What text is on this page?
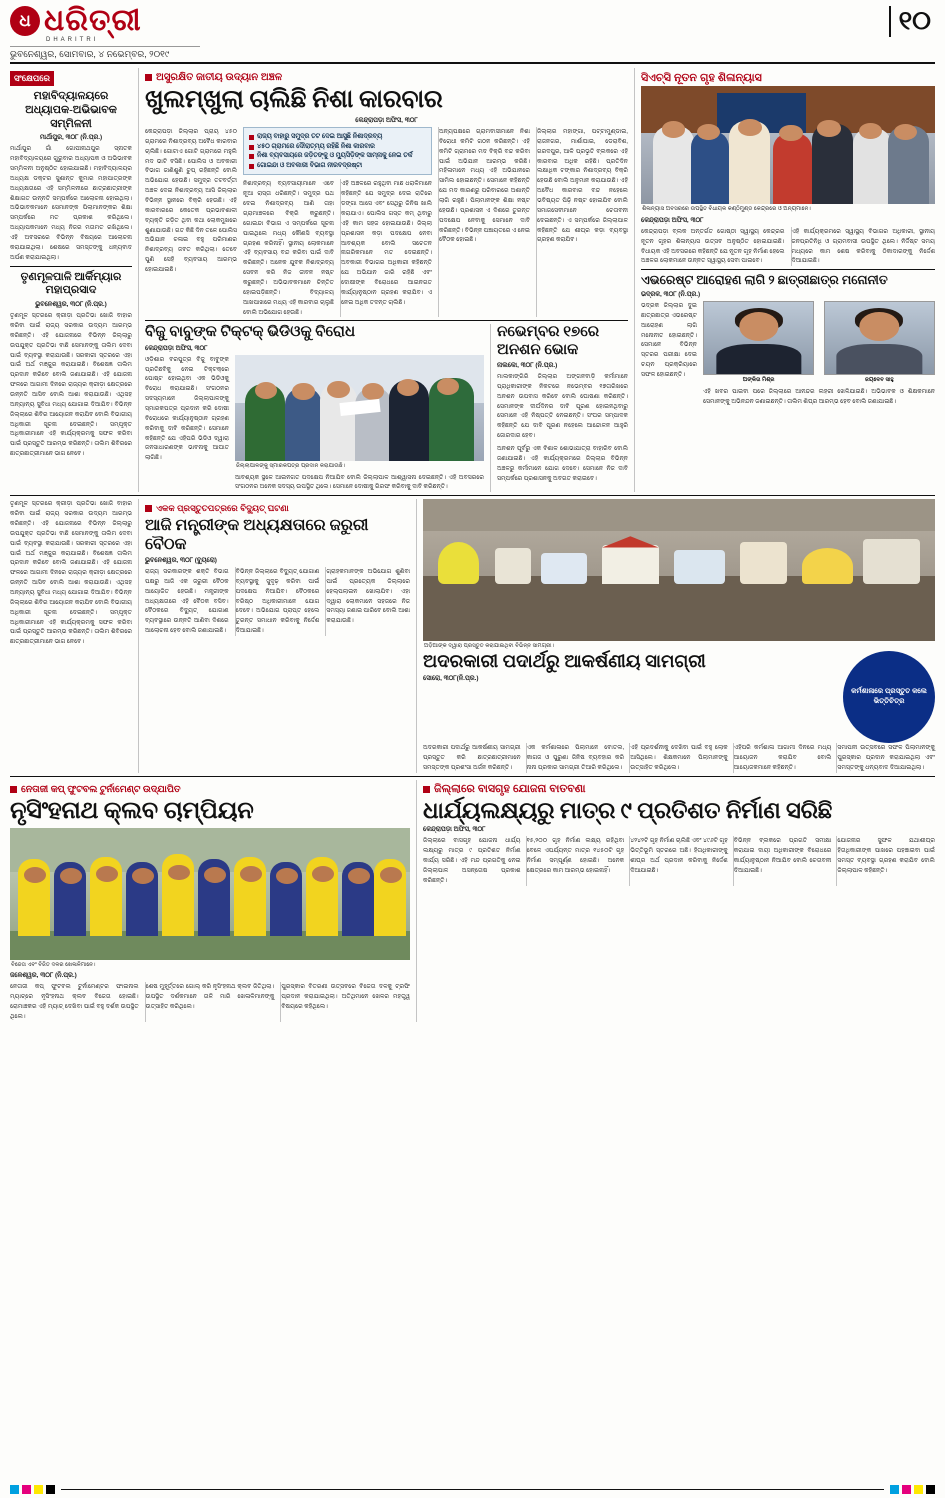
ଧ ଧରିତ୍ରୀ
DHARITRI
ଭୁବନେଶ୍ୱର, ସୋମବାର, ୪ ନଭେମ୍ବର, ୨୦୧୯
୧୦
ସଂକ୍ଷେପରେ
ମହାବିଦ୍ୟାଳୟରେ ଅଧ୍ୟାପକ-ଅଭିଭାବକ ସମ୍ମିଳନୀ
ମାର୍ଥାପୁର, ୩୦୮ (ନି.ପ୍ର.)
ମାର୍ଥାପୁର ଗାଁ ଗୋପୀନାଥପୁର ସ୍ନାତକ ମହାବିଦ୍ୟାଳୟରେ ଗୁରୁବାର ଅଧ୍ୟାପକ ଓ ଅଭିଭାବକ ସମ୍ମିଳନୀ ଅନୁଷ୍ଠିତ ହୋଇଯାଇଛି। ମହାବିଦ୍ୟାଳୟର ଅଧ୍ୟକ୍ଷ ଡକ୍ଟର ସୁଶାନ୍ତ କୁମାର ମହାପାତ୍ରଙ୍କ ଅଧ୍ୟକ୍ଷତାରେ ଏହି ସମ୍ମିଳନୀରେ ଛାତ୍ରଛାତ୍ରୀଙ୍କ ଶିକ୍ଷାଗତ ଉନ୍ନତି ସମ୍ପର୍କରେ ଆଲୋଚନା ହୋଇଥିଲା। ଅଭିଭାବକମାନେ ସେମାନଙ୍କ ପିଲାମାନଙ୍କର ଶିକ୍ଷା ସମ୍ପର୍କରେ ମତ ପ୍ରକାଶ କରିଥିଲେ। ଅଧ୍ୟାପକମାନେ ମଧ୍ୟ ନିଜର ମତାମତ ରଖିଥିଲେ। ଏହି ଅବସରରେ ବିଭିନ୍ନ ବିଷୟରେ ଆଲୋଚନା କରାଯାଇଥିଲା। ଶେଷରେ ସମସ୍ତଙ୍କୁ ଧନ୍ୟବାଦ ଅର୍ପଣ କରାଯାଇଥିଲା।
ତୃଣମୂଳପାଳି ଆର୍କିମ୍ୟାର ମହାପ୍ରସାଦ
ଭୁବନେଶ୍ୱର, ୩୦୮ (ନି.ପ୍ର.)
ତୃଣମୂଳ ସ୍ତରରେ କ୍ରୀଡ଼ା ପ୍ରତିଭା ଖୋଜି ବାହାର କରିବା ପାଇଁ ରାଜ୍ୟ ସରକାର ଉଦ୍ୟମ ଆରମ୍ଭ କରିଛନ୍ତି। ଏହି ଯୋଜନାରେ ବିଭିନ୍ନ ଜିଲ୍ଲାରୁ ଉପଯୁକ୍ତ ପ୍ରତିଭା ବାଛି ସେମାନଙ୍କୁ ତାଲିମ ଦେବା ପାଇଁ ବ୍ୟବସ୍ଥା କରାଯାଉଛି। ସରକାରୀ ସ୍ତରରେ ଏହା ପାଇଁ ଅର୍ଥ ମଞ୍ଜୁର କରାଯାଇଛି। ବିଶେଷଜ୍ଞ ତାଲିମ ପ୍ରଦାନ କରିବେ ବୋଲି ଜଣାଯାଇଛି। ଏହି ଯୋଜନା ଫଳରେ ଆଗାମୀ ଦିନରେ ରାଜ୍ୟର କ୍ରୀଡ଼ା କ୍ଷେତ୍ରରେ ଉନ୍ନତି ଆସିବ ବୋଲି ଆଶା କରାଯାଉଛି। ଏଥିସହ ଅନ୍ୟାନ୍ୟ ସୁବିଧା ମଧ୍ୟ ଯୋଗାଇ ଦିଆଯିବ। ବିଭିନ୍ନ ଜିଲ୍ଲାରେ ଶିବିର ଆୟୋଜନ କରାଯିବ ବୋଲି ବିଭାଗୀୟ ଅଧିକାରୀ ସୂଚନା ଦେଇଛନ୍ତି। ସମ୍ପୃକ୍ତ ଅଧିକାରୀମାନେ ଏହି କାର୍ଯ୍ୟକ୍ରମକୁ ସଫଳ କରିବା ପାଇଁ ପ୍ରସ୍ତୁତି ଆରମ୍ଭ କରିଛନ୍ତି। ତାଲିମ ଶିବିରରେ ଛାତ୍ରଛାତ୍ରୀମାନେ ଭାଗ ନେବେ।
ଅସୁରକ୍ଷିତ ଜାତୀୟ ଉଦ୍ୟାନ ଅଞ୍ଚଳ
ଖୁଲମ୍‌ଖୁଲା ଚାଲିଛି ନିଶା କାରବାର
କେନ୍ଦ୍ରାପଡ଼ା ଅଫିସ, ୩୦୮
କେନ୍ଦ୍ରାପଡ଼ା ଜିଲ୍ଲାର ପ୍ରାୟ ୪୫୦ ଗ୍ରାମରେ ନିଶାଦ୍ରବ୍ୟ ଅବୈଧ କାରବାର ଚାଲିଛି। ଗୋଟାଏ ଗୋଟି ଗ୍ରାମରେ ମହୁଲି ମଦ ଭାଟି ବସିଛି। ପୋଲିସ ଓ ଅବକାରୀ ବିଭାଗ ଜାଣିଶୁଣି ଚୁପ୍‌ ରହିଛନ୍ତି ବୋଲି ଅଭିଯୋଗ ହେଉଛି। ସମୁଦ୍ର ତଟବର୍ତ୍ତୀ ଅଞ୍ଚଳ ଦେଇ ନିଶାଦ୍ରବ୍ୟ ଆସି ଜିଲ୍ଲାର ବିଭିନ୍ନ ସ୍ଥାନରେ ବିକ୍ରି ହେଉଛି। ଏହି କାରବାରରେ କେତେକ ପ୍ରଭାବଶାଳୀ ବ୍ୟକ୍ତି ଜଡ଼ିତ ଥିବା କଥା ଲୋକମୁଖରେ ଶୁଣାଯାଉଛି। ଗତ କିଛି ଦିନ ତଳେ ପୋଲିସ ଅଭିଯାନ ଚଳାଇ ବହୁ ପରିମାଣର ନିଶାଦ୍ରବ୍ୟ ଜବତ କରିଥିଲା। ତେବେ ପୁଣି ସେହି ବ୍ୟବସାୟ ଆରମ୍ଭ ହୋଇଯାଇଛି।
ରାଜ୍ୟ ବାହାରୁ ସମୁଦ୍ର ତଟ ଦେଇ ଆସୁଛି ନିଶାଦ୍ରବ୍ୟ
୪୫୦ ଗ୍ରାମରେ ଦୌରାତ୍ମ୍ୟ ରହିଛି ନିଶା କାରବାର
ନିଶା ବ୍ୟବସାୟରେ ଜଡ଼ିତଙ୍କୁ ଓ ମ୍ୟୁସିଡ଼ିଙ୍କ ସାମ୍ନାକୁ ନେଇ ତର୍କ
ଗୋଇନ୍ଦା ଓ ଅବକାରୀ ବିଭାଗ ନୀରବଦ୍ରଷ୍ଟା
ନିଶାଦ୍ରବ୍ୟ ବ୍ୟବସାୟୀମାନେ ଏବେ ନୂଆ ରାସ୍ତା ଧରିଛନ୍ତି। ସମୁଦ୍ର ପଥ ଦେଇ ନିଶାଦ୍ରବ୍ୟ ଆଣି ତାହା ଗ୍ରାମାଞ୍ଚଳରେ ବିକ୍ରି କରୁଛନ୍ତି। ଗୋଇନ୍ଦା ବିଭାଗ ଏ ସମ୍ପର୍କରେ ସୂଚନା ପାଇଥିଲେ ମଧ୍ୟ କୌଣସି ବ୍ୟବସ୍ଥା ଗ୍ରହଣ କରିନାହିଁ। ସ୍ଥାନୀୟ ଲୋକମାନେ ଏହି ବ୍ୟବସାୟ ବନ୍ଦ କରିବା ପାଇଁ ଦାବି କରିଛନ୍ତି। ଅନେକ ଯୁବକ ନିଶାଦ୍ରବ୍ୟ ସେବନ କରି ନିଜ ଜୀବନ ନଷ୍ଟ କରୁଛନ୍ତି। ଅଭିଭାବକମାନେ ଚିନ୍ତିତ ହୋଇପଡ଼ିଛନ୍ତି। ବିଦ୍ୟାଳୟ ଆଖପାଖରେ ମଧ୍ୟ ଏହି କାରବାର ଚାଲୁଛି ବୋଲି ଅଭିଯୋଗ ହେଉଛି।
ଏହି ଅଞ୍ଚଳରେ ରହୁଥିବା ମାଛ ଧରାଳିମାନେ କହିଛନ୍ତି ଯେ ସମୁଦ୍ର ଦେଇ ରାତିରେ ଡଙ୍ଗା ଆସେ ଏବଂ ସେଥିରୁ ଜିନିଷ ଖାଲି କରାଯାଏ। ପୋଲିସ ଗସ୍ତ କମ୍ ଥିବାରୁ ଏହି କାମ ସହଜ ହୋଇଯାଉଛି। ଜିଲ୍ଲା ପ୍ରଶାସନ କଡ଼ା ପଦକ୍ଷେପ ନେବା ଆବଶ୍ୟକ ବୋଲି ସଚେତନ ନାଗରିକମାନେ ମତ ଦେଇଛନ୍ତି। ଅବକାରୀ ବିଭାଗର ଅଧିକାରୀ କହିଛନ୍ତି ଯେ ଅଭିଯାନ ଜାରି ରହିଛି ଏବଂ ଦୋଷୀଙ୍କ ବିରୋଧରେ ଆଇନଗତ କାର୍ଯ୍ୟାନୁଷ୍ଠାନ ଗ୍ରହଣ କରାଯିବ। ଏ ନେଇ ଅଧିକ ତଦନ୍ତ ଚାଲିଛି।
ଅନ୍ୟପକ୍ଷରେ ଗ୍ରାମବାସୀମାନେ ନିଶା ବିରୋଧୀ କମିଟି ଗଠନ କରିଛନ୍ତି। ଏହି କମିଟି ଗ୍ରାମରେ ମଦ ବିକ୍ରି ବନ୍ଦ କରିବା ପାଇଁ ଅଭିଯାନ ଆରମ୍ଭ କରିଛି। ମହିଳାମାନେ ମଧ୍ୟ ଏହି ଅଭିଯାନରେ ସାମିଲ ହୋଇଛନ୍ତି। ସେମାନେ କହିଛନ୍ତି ଯେ ମଦ କାରଣରୁ ପରିବାରରେ ଅଶାନ୍ତି ଲାଗି ରହୁଛି। ପିଲାମାନଙ୍କ ଶିକ୍ଷା ନଷ୍ଟ ହେଉଛି। ପ୍ରଶାସନ ଏ ଦିଶରେ ତୁରନ୍ତ ପଦକ୍ଷେପ ନେବାକୁ ସେମାନେ ଦାବି କରିଛନ୍ତି। ବିଭିନ୍ନ ପଞ୍ଚାୟତରେ ଏ ନେଇ ବୈଠକ ହୋଇଛି।
ଜିଲ୍ଲାର ମହାଙ୍ଗା, ପଟ୍ଟାମୁଣ୍ଡାଇ, ରାଜନଗର, ମାର୍ଶାଘାଇ, ଡେରାବିଶ, ଗରଦପୁର, ଆଳି ପ୍ରଭୃତି ବ୍ଲକରେ ଏହି କାରବାର ଅଧିକ ରହିଛି। ପ୍ରତିଦିନ ଲକ୍ଷାଧିକ ଟଙ୍କାର ନିଶାଦ୍ରବ୍ୟ ବିକ୍ରି ହେଉଛି ବୋଲି ଅନୁମାନ କରାଯାଉଛି। ଏହି ଅବୈଧ କାରବାର ବନ୍ଦ ନହେଲେ ଭବିଷ୍ୟତ ପିଢ଼ି ନଷ୍ଟ ହୋଇଯିବ ବୋଲି ସମାଜସେବୀମାନେ ଚେତାବନୀ ଦେଇଛନ୍ତି। ଏ ସମ୍ପର୍କରେ ଜିଲ୍ଲାପାଳ କହିଛନ୍ତି ଯେ ଶୀଘ୍ର କଡ଼ା ବ୍ୟବସ୍ଥା ଗ୍ରହଣ କରାଯିବ।
ବିଜୁ ବାବୁଙ୍କ ଟିକ୍‌ଟକ୍‌ ଭିଡିଓକୁ ବିରୋଧ
କେନ୍ଦ୍ରାପଡ଼ା ଅଫିସ, ୩୦୮
ଓଡ଼ିଶାର ବରପୁତ୍ର ବିଜୁ ବାବୁଙ୍କ ପ୍ରତିଛବିକୁ ନେଇ ଟିକ୍‌ଟକ୍‌ରେ ପୋଷ୍ଟ ହୋଇଥିବା ଏକ ଭିଡିଓକୁ ବିରୋଧ କରାଯାଇଛି। ସଂଗଠନର ସଦସ୍ୟମାନେ ଜିଲ୍ଲାପାଳଙ୍କୁ ସ୍ମାରକପତ୍ର ପ୍ରଦାନ କରି ଦୋଷୀ ବିରୋଧରେ କାର୍ଯ୍ୟାନୁଷ୍ଠାନ ଗ୍ରହଣ କରିବାକୁ ଦାବି କରିଛନ୍ତି। ସେମାନେ କହିଛନ୍ତି ଯେ ଏହିପରି ଭିଡିଓ ଦ୍ୱାରା ଜନସାଧାରଣଙ୍କ ଭାବନାକୁ ଆଘାତ ଲାଗିଛି।
ଜିଲ୍ଲାପାଳଙ୍କୁ ସ୍ମାରକପତ୍ର ପ୍ରଦାନ କରାଯାଉଛି।
ଆବଶ୍ୟକ ସ୍ଥଳେ ଆଇନଗତ ପଦକ୍ଷେପ ନିଆଯିବ ବୋଲି ଜିଲ୍ଲାପାଳ ଆଶ୍ୱାସନା ଦେଇଛନ୍ତି। ଏହି ଅବସରରେ ସଂଗଠନର ଅନେକ ସଦସ୍ୟ ଉପସ୍ଥିତ ଥିଲେ। ସେମାନେ ଦୋଷୀକୁ ଗିରଫ କରିବାକୁ ଦାବି କରିଛନ୍ତି।
ନଭେମ୍ବର ୧୭ରେ
ଅନଶନ ଭୋକ
ନାଲକୋ, ୩୦୮ (ନି.ପ୍ର.)
ମାଲକାଙ୍ଗିରି ଜିଲ୍ଲାର ଅଙ୍ଗନବାଡ଼ି କର୍ମୀମାନେ ପ୍ରାଧିକାରୀଙ୍କ ନିକଟରେ ନଭେମ୍ବର ୧୭ତାରିଖରେ ଅନଶନ ଉପବାସ କରିବେ ବୋଲି ଘୋଷଣା କରିଛନ୍ତି। ସେମାନଙ୍କ ଦୀର୍ଘଦିନର ଦାବି ପୂରଣ ହୋଇନଥିବାରୁ ସେମାନେ ଏହି ନିଷ୍ପତ୍ତି ନେଇଛନ୍ତି। ସଂଘର ସମ୍ପାଦକ କହିଛନ୍ତି ଯେ ଦାବି ପୂରଣ ନହେଲେ ଆନ୍ଦୋଳନ ଆହୁରି ଜୋରଦାର ହେବ।
ଅନଶନ ପୂର୍ବରୁ ଏକ ବିଶାଳ ଶୋଭାଯାତ୍ରା ବାହାରିବ ବୋଲି ଜଣାଯାଇଛି। ଏହି କାର୍ଯ୍ୟକ୍ରମରେ ଜିଲ୍ଲାର ବିଭିନ୍ନ ଅଞ୍ଚଳରୁ କର୍ମୀମାନେ ଯୋଗ ଦେବେ। ସେମାନେ ନିଜ ଦାବି ସମ୍ପର୍କରେ ପ୍ରଶାସନକୁ ଅବଗତ କରାଇବେ।
ସିଏଚ୍‌ସି ନୂତନ ଗୃହ ଶିଳାନ୍ୟାସ
ଶିଳାନ୍ୟାସ ଅବସରରେ ଉପସ୍ଥିତ ବିଧାୟକ କଣ୍ଠିମୁଣ୍ଡ କେନ୍ଦ୍ରରେ ଓ ଅନ୍ୟମାନେ।
କେନ୍ଦ୍ରାପଡ଼ା ଅଫିସ, ୩୦୮
କେନ୍ଦ୍ରାପଡ଼ା ବ୍ଲକ ଅନ୍ତର୍ଗତ ଗୋଷ୍ଠୀ ସ୍ୱାସ୍ଥ୍ୟ କେନ୍ଦ୍ରର ନୂତନ ଗୃହର ଶିଳାନ୍ୟାସ ଉତ୍ସବ ଅନୁଷ୍ଠିତ ହୋଇଯାଇଛି। ବିଧାୟକ ଏହି ଅବସରରେ କହିଛନ୍ତି ଯେ ନୂତନ ଗୃହ ନିର୍ମାଣ ହେଲେ ଅଞ୍ଚଳର ଲୋକମାନେ ଉନ୍ନତ ସ୍ୱାସ୍ଥ୍ୟ ସେବା ପାଇବେ।
ଏହି କାର୍ଯ୍ୟକ୍ରମରେ ସ୍ୱାସ୍ଥ୍ୟ ବିଭାଗର ଅଧିକାରୀ, ସ୍ଥାନୀୟ ଜନପ୍ରତିନିଧି ଓ ଗ୍ରାମବାସୀ ଉପସ୍ଥିତ ଥିଲେ। ନିର୍ଦ୍ଦିଷ୍ଟ ସମୟ ମଧ୍ୟରେ କାମ ଶେଷ କରିବାକୁ ଠିକାଦାରଙ୍କୁ ନିର୍ଦ୍ଦେଶ ଦିଆଯାଇଛି।
ଏଭରେଷ୍ଟ ଆରୋହଣ ଲାଗି ୨ ଛାତ୍ରୀଛାତ୍ର ମନୋନୀତ
ଭଦ୍ରକ, ୩୦୮ (ନି.ପ୍ର.)
ଭଦ୍ରକ ଜିଲ୍ଲାର ଦୁଇ ଛାତ୍ରଛାତ୍ର ଏଭରେଷ୍ଟ ଆରୋହଣ ଲାଗି ମନୋନୀତ ହୋଇଛନ୍ତି। ସେମାନେ ବିଭିନ୍ନ ସ୍ତରର ପରୀକ୍ଷା ଦେଇ ଚୟନ ପ୍ରକ୍ରିୟାରେ ସଫଳ ହୋଇଛନ୍ତି।
ଅଙ୍କିତା ମିଶ୍ର	ଜୟଦେବ ସାହୁ
ଏହି ଖବର ପାଇବା ପରେ ଜିଲ୍ଲାରେ ଆନନ୍ଦର ଲହରୀ ଖେଳିଯାଇଛି। ଅଭିଭାବକ ଓ ଶିକ୍ଷକମାନେ ସେମାନଙ୍କୁ ଅଭିନନ୍ଦନ ଜଣାଇଛନ୍ତି। ତାଲିମ ଶିଘ୍ର ଆରମ୍ଭ ହେବ ବୋଲି ଜଣାଯାଇଛି।
ତୃଣମୂଳ ସ୍ତରରେ କ୍ରୀଡ଼ା ପ୍ରତିଭା ଖୋଜି ବାହାର କରିବା ପାଇଁ ରାଜ୍ୟ ସରକାର ଉଦ୍ୟମ ଆରମ୍ଭ କରିଛନ୍ତି। ଏହି ଯୋଜନାରେ ବିଭିନ୍ନ ଜିଲ୍ଲାରୁ ଉପଯୁକ୍ତ ପ୍ରତିଭା ବାଛି ସେମାନଙ୍କୁ ତାଲିମ ଦେବା ପାଇଁ ବ୍ୟବସ୍ଥା କରାଯାଉଛି। ସରକାରୀ ସ୍ତରରେ ଏହା ପାଇଁ ଅର୍ଥ ମଞ୍ଜୁର କରାଯାଇଛି। ବିଶେଷଜ୍ଞ ତାଲିମ ପ୍ରଦାନ କରିବେ ବୋଲି ଜଣାଯାଇଛି। ଏହି ଯୋଜନା ଫଳରେ ଆଗାମୀ ଦିନରେ ରାଜ୍ୟର କ୍ରୀଡ଼ା କ୍ଷେତ୍ରରେ ଉନ୍ନତି ଆସିବ ବୋଲି ଆଶା କରାଯାଉଛି। ଏଥିସହ ଅନ୍ୟାନ୍ୟ ସୁବିଧା ମଧ୍ୟ ଯୋଗାଇ ଦିଆଯିବ। ବିଭିନ୍ନ ଜିଲ୍ଲାରେ ଶିବିର ଆୟୋଜନ କରାଯିବ ବୋଲି ବିଭାଗୀୟ ଅଧିକାରୀ ସୂଚନା ଦେଇଛନ୍ତି। ସମ୍ପୃକ୍ତ ଅଧିକାରୀମାନେ ଏହି କାର୍ଯ୍ୟକ୍ରମକୁ ସଫଳ କରିବା ପାଇଁ ପ୍ରସ୍ତୁତି ଆରମ୍ଭ କରିଛନ୍ତି। ତାଲିମ ଶିବିରରେ ଛାତ୍ରଛାତ୍ରୀମାନେ ଭାଗ ନେବେ।
ଏକକ ପ୍ରସ୍ତୁତପତ୍ରରେ ବିଦ୍ୟୁତ୍ ଘଟଣା
ଆଜି ମନ୍ତ୍ରୀଙ୍କ ଅଧ୍ୟକ୍ଷତାରେ ଜରୁରୀ ବୈଠକ
ଭୁବନେଶ୍ୱର, ୩୦୮ (ବ୍ୟୁରୋ)
ରାଜ୍ୟ ସରକାରଙ୍କ ଶକ୍ତି ବିଭାଗ ପକ୍ଷରୁ ଆଜି ଏକ ଜରୁରୀ ବୈଠକ ଆୟୋଜିତ ହେଉଛି। ମନ୍ତ୍ରୀଙ୍କ ଅଧ୍ୟକ୍ଷତାରେ ଏହି ବୈଠକ ବସିବ। ବୈଠକରେ ବିଦ୍ୟୁତ୍ ଯୋଗାଣ ବ୍ୟବସ୍ଥାରେ ଉନ୍ନତି ଆଣିବା ଦିଶରେ ଆଲୋଚନା ହେବ ବୋଲି ଜଣାଯାଇଛି।
ବିଭିନ୍ନ ଜିଲ୍ଲାରେ ବିଦ୍ୟୁତ୍ ଯୋଗାଣ ବ୍ୟବସ୍ଥାକୁ ସୁଦୃଢ଼ କରିବା ପାଇଁ ପଦକ୍ଷେପ ନିଆଯିବ। ବୈଠକରେ ବରିଷ୍ଠ ଅଧିକାରୀମାନେ ଯୋଗ ଦେବେ। ଅଭିଯୋଗ ପ୍ରାପ୍ତ ହେଲେ ତୁରନ୍ତ ସମାଧାନ କରିବାକୁ ନିର୍ଦ୍ଦେଶ ଦିଆଯାଇଛି।
ଗ୍ରାହକମାନଙ୍କ ଅଭିଯୋଗ ଶୁଣିବା ପାଇଁ ପ୍ରତ୍ୟେକ ଜିଲ୍ଲାରେ ହେଲ୍ପଲାଇନ ଖୋଲାଯିବ। ଏହା ଦ୍ୱାରା ଲୋକମାନେ ସହଜରେ ନିଜ ସମସ୍ୟା ଜଣାଇ ପାରିବେ ବୋଲି ଆଶା କରାଯାଉଛି।
ଅଡ଼ିଆଙ୍କ ଦ୍ୱାରା ପ୍ରସ୍ତୁତ କରାଯାଇଥିବା ବିଭିନ୍ନ ସାମଗ୍ରୀ।
ଅଦରକାରୀ ପଦାର୍ଥରୁ ଆକର୍ଷଣୀୟ ସାମଗ୍ରୀ
ସୋରୋ, ୩୦୮(ନି.ପ୍ର.)
କର୍ମଶାଳାରେ ପ୍ରସ୍ତୁତ କଲେ ଭିତ୍ତିଚିତ୍ର
ଅଦରକାରୀ ପଦାର୍ଥରୁ ଆକର୍ଷଣୀୟ ସାମଗ୍ରୀ ପ୍ରସ୍ତୁତ କରି ଛାତ୍ରଛାତ୍ରୀମାନେ ସମସ୍ତଙ୍କ ପ୍ରଶଂସା ଅର୍ଜନ କରିଛନ୍ତି।
ଏକ କର୍ମଶାଳାରେ ପିଲାମାନେ ବୋତଲ, କାଗଜ ଓ ପୁରୁଣା ଜିନିଷ ବ୍ୟବହାର କରି ନାନା ପ୍ରକାର ସାମଗ୍ରୀ ତିଆରି କରିଥିଲେ।
ଏହି ପ୍ରଦର୍ଶନୀକୁ ଦେଖିବା ପାଇଁ ବହୁ ଲୋକ ଆସିଥିଲେ। ଶିକ୍ଷକମାନେ ପିଲାମାନଙ୍କୁ ଉତ୍ସାହିତ କରିଥିଲେ।
ଏହିପରି କର୍ମଶାଳା ଆଗାମୀ ଦିନରେ ମଧ୍ୟ ଆୟୋଜନ କରାଯିବ ବୋଲି ଆୟୋଜକମାନେ କହିଛନ୍ତି।
ସମାପନୀ ଉତ୍ସବରେ ସଫଳ ପିଲାମାନଙ୍କୁ ପୁରସ୍କାର ପ୍ରଦାନ କରାଯାଇଥିଲା ଏବଂ ସମସ୍ତଙ୍କୁ ଧନ୍ୟବାଦ ଦିଆଯାଇଥିଲା।
ନେତାଜୀ କପ୍‌ ଫୁଟବଲ ଟୁର୍ନାମେଣ୍ଟ ଉଦ୍‌ଯାପିତ
ନୃସିଂହନାଥ କ୍ଲବ ଚାମ୍ପିୟନ
ବିଜେତା ଏବଂ ବିଜିତ ଦଳର ଖେଳାଳିମାନେ।
ଜଳେଶ୍ୱର, ୩୦୮ (ନି.ପ୍ର.)
ନେତାଜୀ କପ୍‌ ଫୁଟବଲ ଟୁର୍ନାମେଣ୍ଟର ଫାଇନାଲ ମ୍ୟାଚ୍‌ରେ ନୃସିଂହନାଥ କ୍ଲବ ବିଜେତା ହୋଇଛି। ରୋମାଞ୍ଚକର ଏହି ମ୍ୟାଚ୍‌ ଦେଖିବା ପାଇଁ ବହୁ ଦର୍ଶକ ଉପସ୍ଥିତ ଥିଲେ।
ଶେଷ ମୁହୂର୍ତ୍ତରେ ଗୋଲ୍‌ କରି ନୃସିଂହନାଥ କ୍ଲବ ଜିତିଥିଲା। ଉପସ୍ଥିତ ଦର୍ଶକମାନେ ତାଳି ମାରି ଖେଳାଳିମାନଙ୍କୁ ଉତ୍ସାହିତ କରିଥିଲେ।
ପୁରସ୍କାର ବିତରଣୀ ଉତ୍ସବରେ ବିଜେତା ଦଳକୁ ଟ୍ରଫି ପ୍ରଦାନ କରାଯାଇଥିଲା। ଅତିଥିମାନେ ଖେଳର ମହତ୍ତ୍ୱ ବିଷୟରେ କହିଥିଲେ।
ଜିଲ୍ଲାରେ ବାସଗୃହ ଯୋଜନା ବାତବଣା
ଧାର୍ଯ୍ୟଲକ୍ଷ୍ୟରୁ ମାତ୍ର ୯ ପ୍ରତିଶତ ନିର୍ମାଣ ସରିଛି
କେନ୍ଦ୍ରାପଡ଼ା ଅଫିସ, ୩୦୮
ଜିଲ୍ଲାରେ ବାସଗୃହ ଯୋଜନା ଧାର୍ଯ୍ୟ ଲକ୍ଷ୍ୟରୁ ମାତ୍ର ୯ ପ୍ରତିଶତ ନିର୍ମାଣ କାର୍ଯ୍ୟ ସରିଛି। ଏହି ମନ୍ଦ ପ୍ରଗତିକୁ ନେଇ ଜିଲ୍ଲାପାଳ ଅସନ୍ତୋଷ ପ୍ରକାଶ କରିଛନ୍ତି।
୧୫,୨୦୦ ଗୃହ ନିର୍ମାଣ ଲକ୍ଷ୍ୟ ରହିଥିବା ବେଳେ ଏପର୍ଯ୍ୟନ୍ତ ମାତ୍ର ୧୪୫୦ଟି ଗୃହ ନିର୍ମାଣ ସମ୍ପୂର୍ଣ୍ଣ ହୋଇଛି। ଅନେକ କ୍ଷେତ୍ରରେ କାମ ଆରମ୍ଭ ହୋଇନାହିଁ।
୪୨୪୨ଟି ଗୃହ ନିର୍ମାଣ ଚାଲିଛି ଏବଂ ୪୯୬ଟି ଗୃହ ଭିତ୍ତିଭୂମି ସ୍ତରରେ ଅଛି। ହିତାଧିକାରୀଙ୍କୁ ଶୀଘ୍ର ଅର୍ଥ ପ୍ରଦାନ କରିବାକୁ ନିର୍ଦ୍ଦେଶ ଦିଆଯାଇଛି।
ବିଭିନ୍ନ ବ୍ଲକରେ ପ୍ରଗତି ସମୀକ୍ଷା କରାଯାଇ ଦାୟୀ ଅଧିକାରୀଙ୍କ ବିରୋଧରେ କାର୍ଯ୍ୟାନୁଷ୍ଠାନ ନିଆଯିବ ବୋଲି ଚେତାବନୀ ଦିଆଯାଇଛି।
ଯୋଜନାର ସୁଫଳ ଯଥାଶୀଘ୍ର ହିତାଧିକାରୀଙ୍କ ପାଖରେ ପହଞ୍ଚାଇବା ପାଇଁ ସମସ୍ତ ବ୍ୟବସ୍ଥା ଗ୍ରହଣ କରାଯିବ ବୋଲି ଜିଲ୍ଲାପାଳ କହିଛନ୍ତି।
